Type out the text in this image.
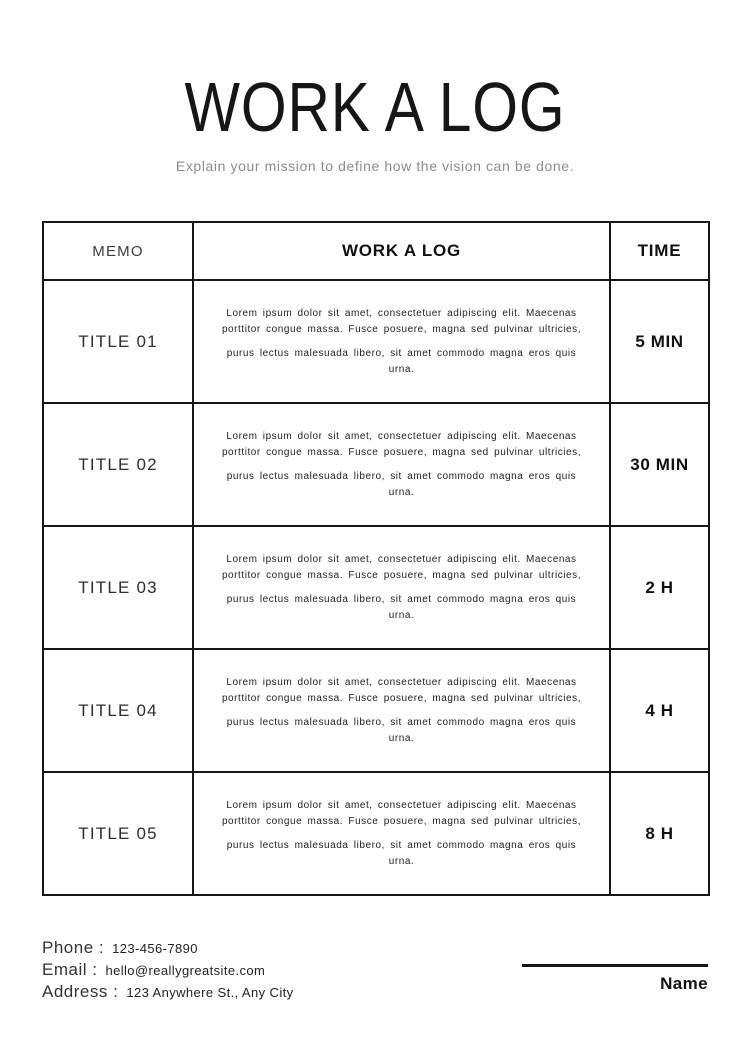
WORK A LOG
Explain your mission to define how the vision can be done.
MEMO	WORK A LOG	TIME
TITLE 01	Lorem ipsum dolor sit amet, consectetuer adipiscing elit. Maecenas porttitor congue massa. Fusce posuere, magna sed pulvinar ultricies,
purus lectus malesuada libero, sit amet commodo magna eros quis urna.	5 MIN
TITLE 02	Lorem ipsum dolor sit amet, consectetuer adipiscing elit. Maecenas porttitor congue massa. Fusce posuere, magna sed pulvinar ultricies,
purus lectus malesuada libero, sit amet commodo magna eros quis urna.	30 MIN
TITLE 03	Lorem ipsum dolor sit amet, consectetuer adipiscing elit. Maecenas porttitor congue massa. Fusce posuere, magna sed pulvinar ultricies,
purus lectus malesuada libero, sit amet commodo magna eros quis urna.	2 H
TITLE 04	Lorem ipsum dolor sit amet, consectetuer adipiscing elit. Maecenas porttitor congue massa. Fusce posuere, magna sed pulvinar ultricies,
purus lectus malesuada libero, sit amet commodo magna eros quis urna.	4 H
TITLE 05	Lorem ipsum dolor sit amet, consectetuer adipiscing elit. Maecenas porttitor congue massa. Fusce posuere, magna sed pulvinar ultricies,
purus lectus malesuada libero, sit amet commodo magna eros quis urna.	8 H
Phone : 123-456-7890
Email : hello@reallygreatsite.com
Address : 123 Anywhere St., Any City	Name
